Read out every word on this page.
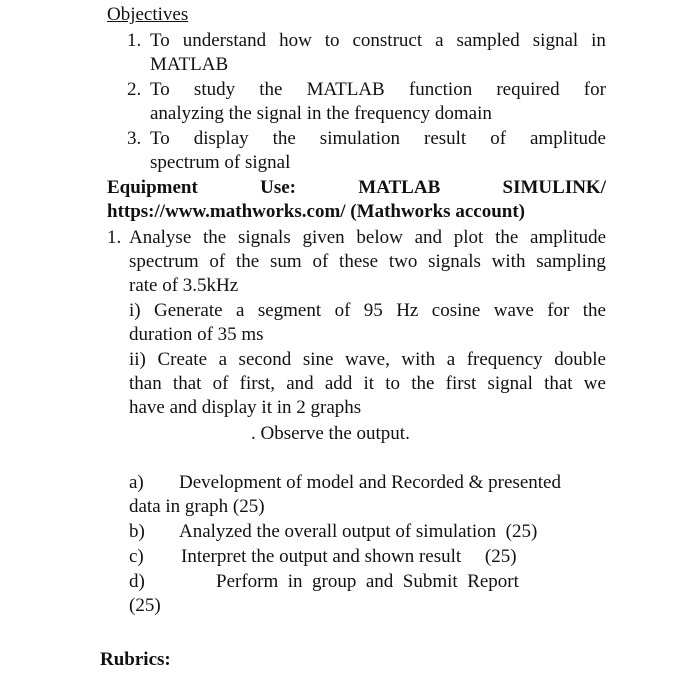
Objectives
1. To understand how to construct a sampled signal in
MATLAB
2. To study the MATLAB function required for
analyzing the signal in the frequency domain
3. To display the simulation result of amplitude
spectrum of signal
Equipment	Use:	MATLAB	SIMULINK/
https://www.mathworks.com/ (Mathworks account)
1. Analyse the signals given below and plot the amplitude
spectrum of the sum of these two signals with sampling
rate of 3.5kHz
i) Generate a segment of 95 Hz cosine wave for the
duration of 35 ms
ii) Create a second sine wave, with a frequency double
than that of first, and add it to the first signal that we
have and display it in 2 graphs
. Observe the output.
a) Development of model and Recorded & presented
data in graph (25)
b) Analyzed the overall output of simulation  (25)
c) Interpret the output and shown result     (25)
d)	Perform  in  group  and  Submit  Report
(25)
Rubrics:
